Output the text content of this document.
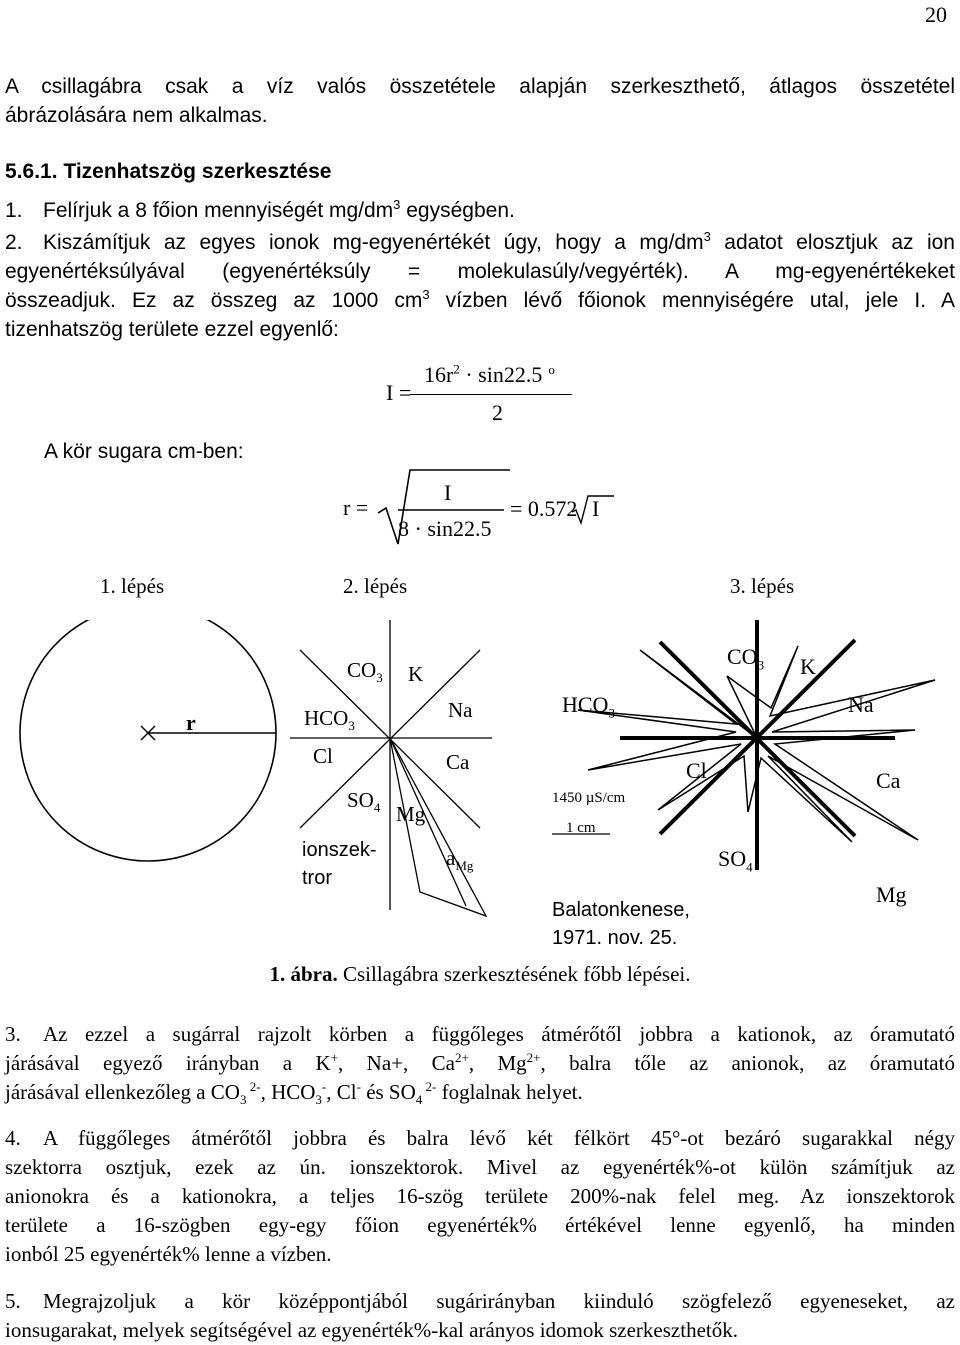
20
A csillagábra csak a víz valós összetétele alapján szerkeszthető, átlagos összetétel
ábrázolására nem alkalmas.
5.6.1. Tizenhatszög szerkesztése
1. Felírjuk a 8 főion mennyiségét $mg/dm^3$ egységben.
2. Kiszámítjuk az egyes ionok mg-egyenértékét úgy, hogy a $mg/dm^3$ adatot elosztjuk az ion
egyenértéksúlyával (egyenértéksúly = molekulasúly/vegyérték). A mg-egyenértékeket
összeadjuk. Ez az összeg az 1000 $cm^3$ vízben lévő főionok mennyiségére utal, jele I. A
tizenhatszög területe ezzel egyenlő:
I =
$16r^2 \cdot \sin 22.5$ $^o$
2
A kör sugara cm-ben:
r =
I
8 · sin22.5
= 0.572 I
1. lépés	2. lépés	3. lépés
r
$CO_3$ K
$HCO_3$
Na
Cl	Ca
$SO_4$ Mg
ionszek-
tror
$a_{Mg}$
$CO_3$ K
$HCO_3$	Na
Cl	Ca
1450 µS/cm
1 cm
$SO_4$
Mg
Balatonkenese,
1971. nov. 25.
1. ábra. Csillagábra szerkesztésének főbb lépései.
3. Az ezzel a sugárral rajzolt körben a függőleges átmérőtől jobbra a kationok, az óramutató
járásával egyező irányban a K+, Na+, $Ca^{2+}$, $Mg^{2+}$, balra tőle az anionok, az óramutató
járásával ellenkezőleg a $CO_3$ $^{2-}$, $HCO_3^-$, Cl- és $SO_4$ $^{2-}$ foglalnak helyet.
4. A függőleges átmérőtől jobbra és balra lévő két félkört 45°-ot bezáró sugarakkal négy
szektorra osztjuk, ezek az ún. ionszektorok. Mivel az egyenérték%-ot külön számítjuk az
anionokra és a kationokra, a teljes 16-szög területe 200%-nak felel meg. Az ionszektorok
területe a 16-szögben egy-egy főion egyenérték% értékével lenne egyenlő, ha minden
ionból 25 egyenérték% lenne a vízben.
5. Megrajzoljuk a kör középpontjából sugárirányban kiinduló szögfelező egyeneseket, az
ionsugarakat, melyek segítségével az egyenérték%-kal arányos idomok szerkeszthetők.
